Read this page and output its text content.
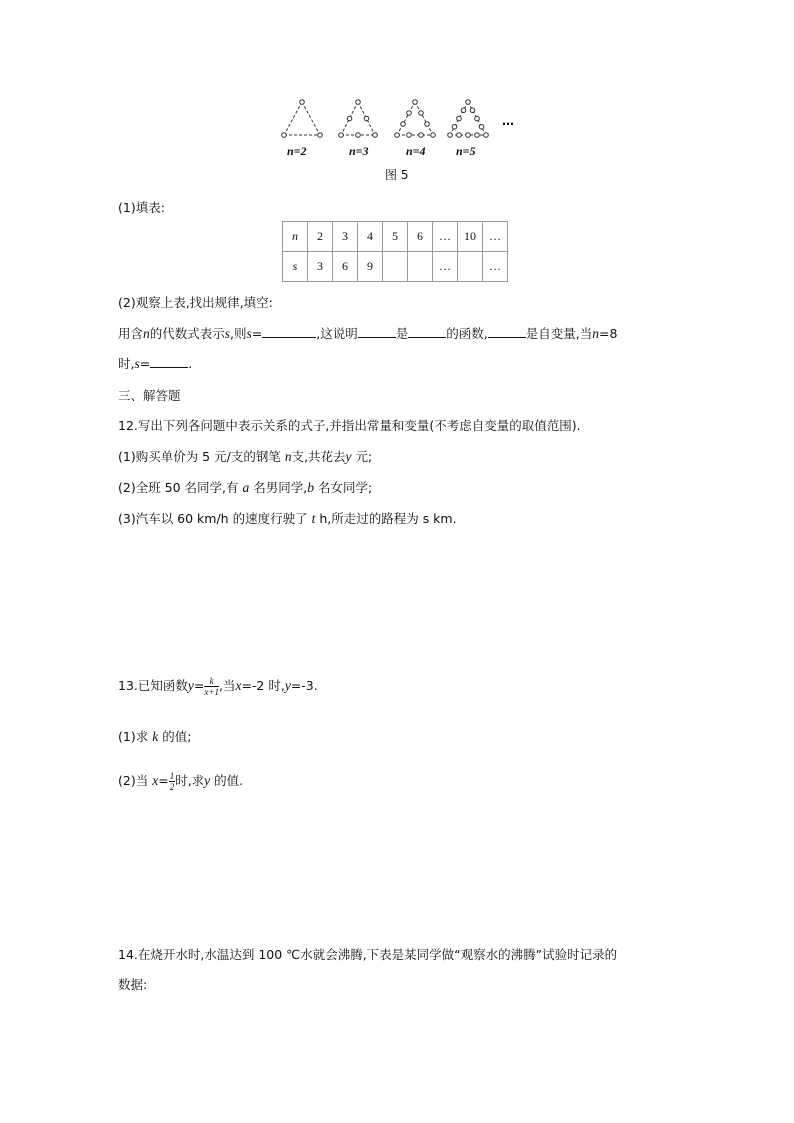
n=2	n=3	n=4	n=5
…
图 5
(1)填表:
n	2	3	4	5	6	…	10	…
s	3	6	9			…		…
(2)观察上表,找出规律,填空:
用含n的代数式表示s,则s=	,这说明	是	的函数,	是自变量,当n=8
时,s=	.
三、解答题
12.写出下列各问题中表示关系的式子,并指出常量和变量(不考虑自变量的取值范围).
(1)购买单价为 5 元/支的钢笔 n支,共花去y 元;
(2)全班 50 名同学,有 a 名男同学,b 名女同学;
(3)汽车以 60 km/h 的速度行驶了 t h,所走过的路程为 s km.
13.已知函数$y= \frac{k}{x+1}$ ,当x=-2 时,y=-3.
(1)求 k 的值;
(2)当 $x= \frac{1}{2}$ 时,求y 的值.
14.在烧开水时,水温达到 100 ℃水就会沸腾,下表是某同学做“观察水的沸腾”试验时记录的
数据:
